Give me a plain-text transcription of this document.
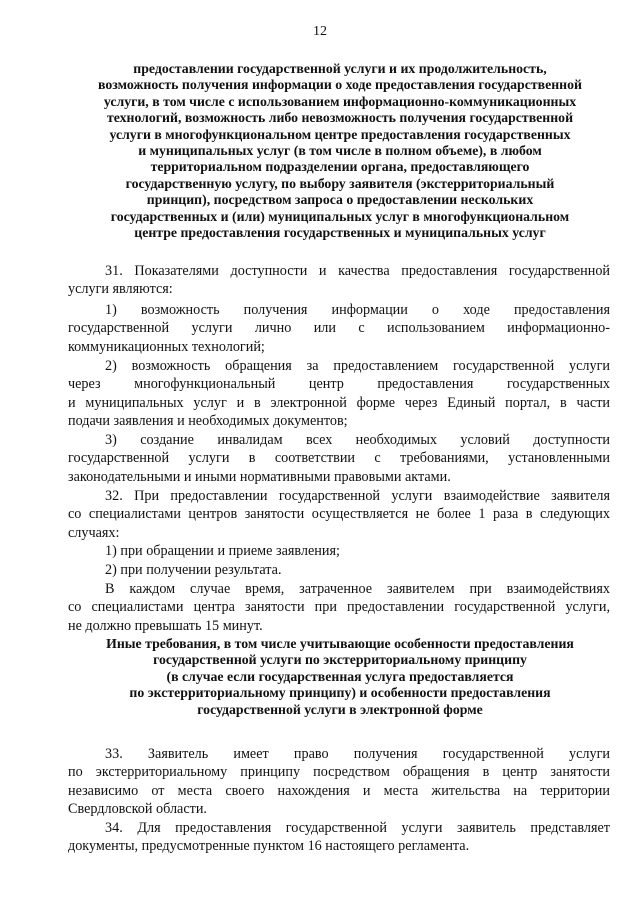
12
предоставлении государственной услуги и их продолжительность,
возможность получения информации о ходе предоставления государственной
услуги, в том числе с использованием информационно-коммуникационных
технологий, возможность либо невозможность получения государственной
услуги в многофункциональном центре предоставления государственных
и муниципальных услуг (в том числе в полном объеме), в любом
территориальном подразделении органа, предоставляющего
государственную услугу, по выбору заявителя (экстерриториальный
принцип), посредством запроса о предоставлении нескольких
государственных и (или) муниципальных услуг в многофункциональном
центре предоставления государственных и муниципальных услуг
31. Показателями доступности и качества предоставления государственной
услуги являются:
1) возможность получения информации о ходе предоставления
государственной услуги лично или с использованием информационно-
коммуникационных технологий;
2) возможность обращения за предоставлением государственной услуги
через многофункциональный центр предоставления государственных
и муниципальных услуг и в электронной форме через Единый портал, в части
подачи заявления и необходимых документов;
3) создание инвалидам всех необходимых условий доступности
государственной услуги в соответствии с требованиями, установленными
законодательными и иными нормативными правовыми актами.
32. При предоставлении государственной услуги взаимодействие заявителя
со специалистами центров занятости осуществляется не более 1 раза в следующих
случаях:
1) при обращении и приеме заявления;
2) при получении результата.
В каждом случае время, затраченное заявителем при взаимодействиях
со специалистами центра занятости при предоставлении государственной услуги,
не должно превышать 15 минут.
Иные требования, в том числе учитывающие особенности предоставления
государственной услуги по экстерриториальному принципу
(в случае если государственная услуга предоставляется
по экстерриториальному принципу) и особенности предоставления
государственной услуги в электронной форме
33. Заявитель имеет право получения государственной услуги
по экстерриториальному принципу посредством обращения в центр занятости
независимо от места своего нахождения и места жительства на территории
Свердловской области.
34. Для предоставления государственной услуги заявитель представляет
документы, предусмотренные пунктом 16 настоящего регламента.
